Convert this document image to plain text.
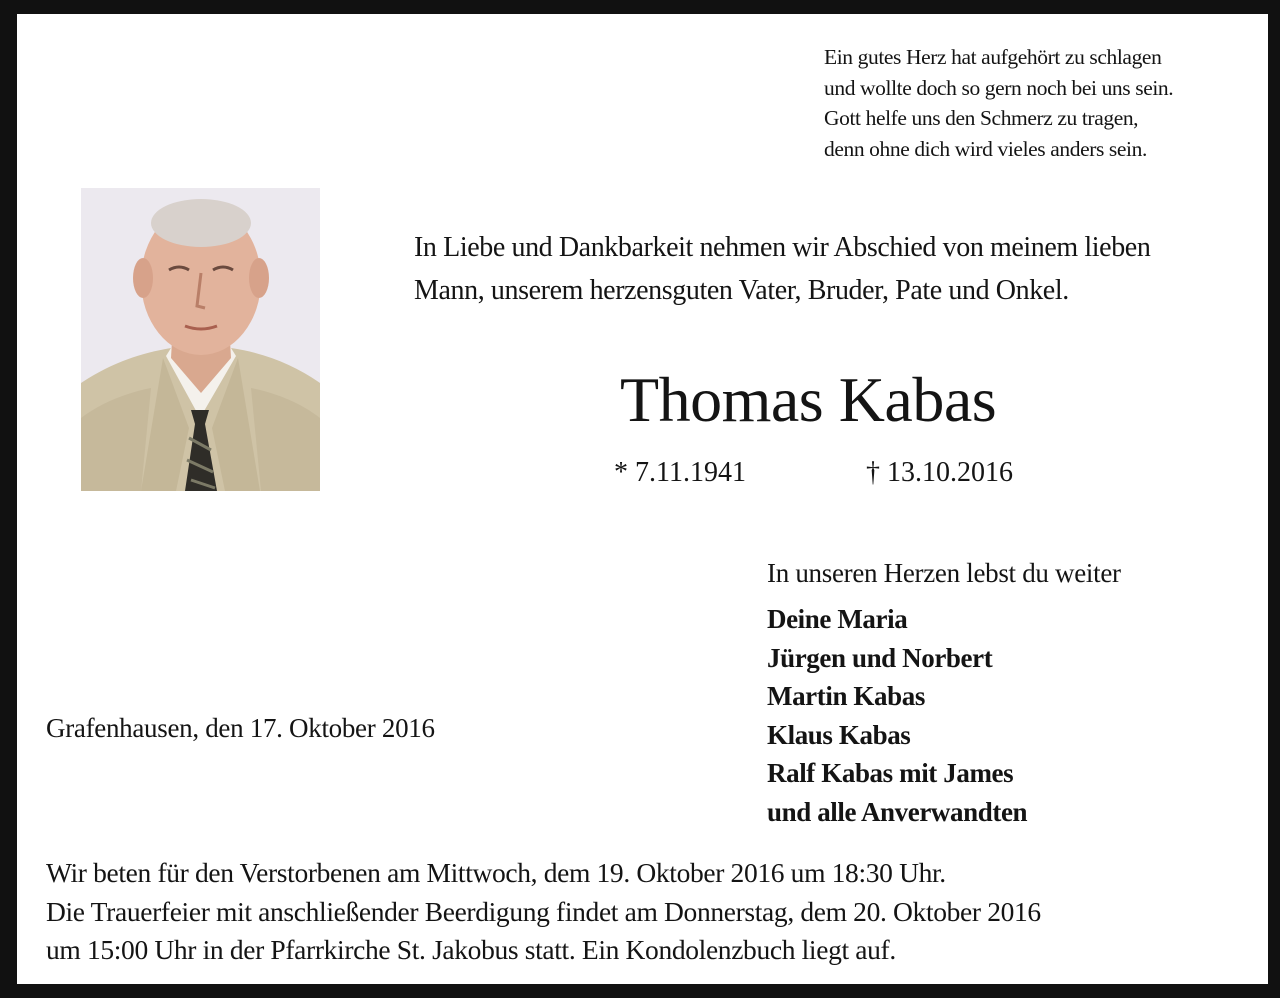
Ein gutes Herz hat aufgehört zu schlagen
und wollte doch so gern noch bei uns sein.
Gott helfe uns den Schmerz zu tragen,
denn ohne dich wird vieles anders sein.
In Liebe und Dankbarkeit nehmen wir Abschied von meinem lieben
Mann, unserem herzensguten Vater, Bruder, Pate und Onkel.
Thomas Kabas
* 7.11.1941	† 13.10.2016
In unseren Herzen lebst du weiter
Deine Maria
Jürgen und Norbert
Martin Kabas
Klaus Kabas
Ralf Kabas mit James
und alle Anverwandten
Grafenhausen, den 17. Oktober 2016
Wir beten für den Verstorbenen am Mittwoch, dem 19. Oktober 2016 um 18:30 Uhr.
Die Trauerfeier mit anschließender Beerdigung findet am Donnerstag, dem 20. Oktober 2016
um 15:00 Uhr in der Pfarrkirche St. Jakobus statt. Ein Kondolenzbuch liegt auf.
